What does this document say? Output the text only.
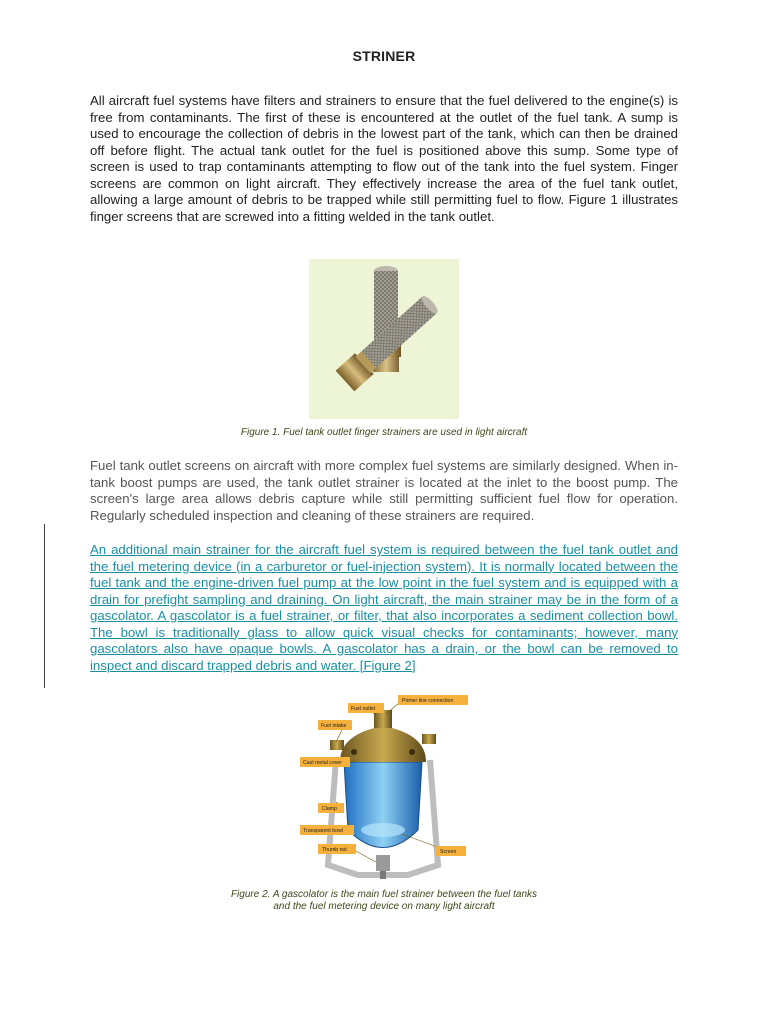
STRINER

All aircraft fuel systems have filters and strainers to ensure that the fuel delivered to the engine(s) is free from contaminants. The first of these is encountered at the outlet of the fuel tank. A sump is used to encourage the collection of debris in the lowest part of the tank, which can then be drained off before flight. The actual tank outlet for the fuel is positioned above this sump. Some type of screen is used to trap contaminants attempting to flow out of the tank into the fuel system. Finger screens are common on light aircraft. They effectively increase the area of the fuel tank outlet, allowing a large amount of debris to be trapped while still permitting fuel to flow. Figure 1 illustrates finger screens that are screwed into a fitting welded in the tank outlet.

Figure 1. Fuel tank outlet finger strainers are used in light aircraft

Fuel tank outlet screens on aircraft with more complex fuel systems are similarly designed. When in-tank boost pumps are used, the tank outlet strainer is located at the inlet to the boost pump. The screen's large area allows debris capture while still permitting sufficient fuel flow for operation. Regularly scheduled inspection and cleaning of these strainers are required.

An additional main strainer for the aircraft fuel system is required between the fuel tank outlet and the fuel metering device (in a carburetor or fuel-injection system). It is normally located between the fuel tank and the engine-driven fuel pump at the low point in the fuel system and is equipped with a drain for prefight sampling and draining. On light aircraft, the main strainer may be in the form of a gascolator. A gascolator is a fuel strainer, or filter, that also incorporates a sediment collection bowl. The bowl is traditionally glass to allow quick visual checks for contaminants; however, many gascolators also have opaque bowls. A gascolator has a drain, or the bowl can be removed to inspect and discard trapped debris and water. [Figure 2]

Primer line connection
Fuel outlet
Fuel intake
Cast metal cover
Clamp
Transparent bowl
Thumb nut	Screen
Figure 2. A gascolator is the main fuel strainer between the fuel tanks
and the fuel metering device on many light aircraft
